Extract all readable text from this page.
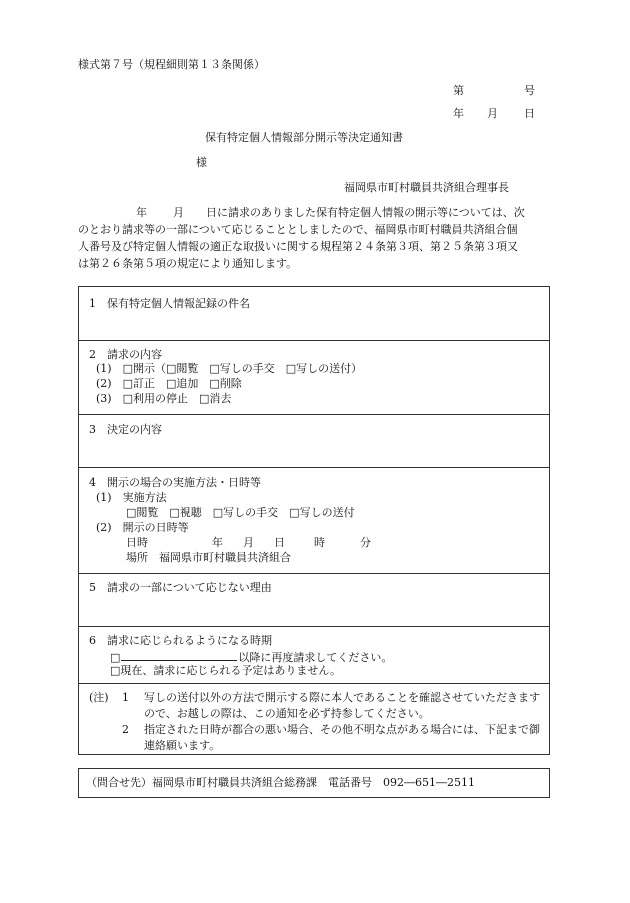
様式第７号（規程細則第１３条関係）
第	号
年 月 日
保有特定個人情報部分開示等決定通知書
様
福岡県市町村職員共済組合理事長
年 月 日に請求のありました保有特定個人情報の開示等については、次
のとおり請求等の一部について応じることとしましたので、福岡県市町村職員共済組合個
人番号及び特定個人情報の適正な取扱いに関する規程第２４条第３項、第２５条第３項又
は第２６条第５項の規定により通知します。
1　保有特定個人情報記録の件名
2　請求の内容
(1)　□開示（□閲覧　□写しの手交　□写しの送付）
(2)　□訂正　□追加　□削除
(3)　□利用の停止　□消去
3　決定の内容
4　開示の場合の実施方法・日時等
(1)　実施方法
□閲覧　□視聴　□写しの手交　□写しの送付
(2)　開示の日時等
日時	年 月 日	時	分
場所　福岡県市町村職員共済組合
5　請求の一部について応じない理由
6　請求に応じられるようになる時期
□	以降に再度請求してください。
□現在、請求に応じられる予定はありません。
(注) 1 写しの送付以外の方法で開示する際に本人であることを確認させていただきますので、お越しの際は、この通知を必ず持参してください。
2 指定された日時が都合の悪い場合、その他不明な点がある場合には、下記まで御連絡願います。
（問合せ先）福岡県市町村職員共済組合総務課　電話番号　092―651―2511
